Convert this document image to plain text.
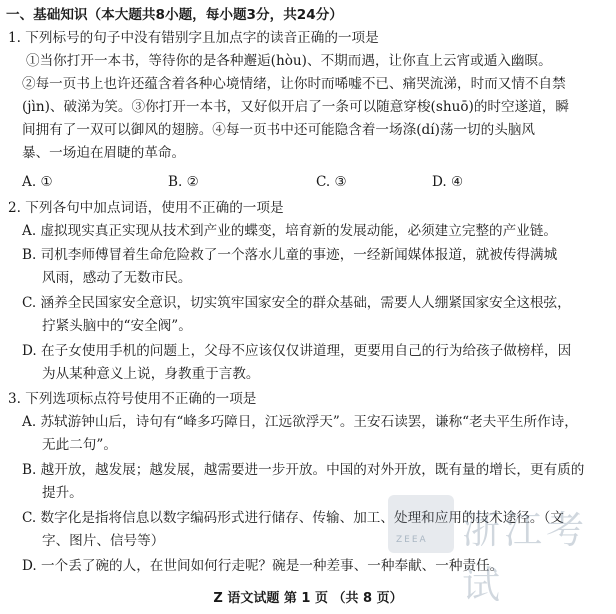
一、基础知识（本大题共8小题，每小题3分，共24分）
1. 下列标号的句子中没有错别字且加点字的读音正确的一项是
①当你打开一本书，等待你的是各种邂逅(hòu)、不期而遇，让你直上云宵或遁入幽暝。
②每一页书上也许还蕴含着各种心境情绪，让你时而唏嘘不已、痛哭流涕，时而又情不自禁
(jìn)、破涕为笑。③你打开一本书，又好似开启了一条可以随意穿梭(shuō)的时空遂道，瞬
间拥有了一双可以御风的翅膀。④每一页书中还可能隐含着一场涤(dí)荡一切的头脑风
暴、一场迫在眉睫的革命。
A. ①	B. ②	C. ③	D. ④
2. 下列各句中加点词语，使用不正确的一项是
A. 虚拟现实真正实现从技术到产业的蝶变，培育新的发展动能，必须建立完整的产业链。
B. 司机李师傅冒着生命危险救了一个落水儿童的事迹，一经新闻媒体报道，就被传得满城
风雨，感动了无数市民。
C. 涵养全民国家安全意识，切实筑牢国家安全的群众基础，需要人人绷紧国家安全这根弦，
拧紧头脑中的“安全阀”。
D. 在子女使用手机的问题上，父母不应该仅仅讲道理，更要用自己的行为给孩子做榜样，因
为从某种意义上说，身教重于言教。
3. 下列选项标点符号使用不正确的一项是
A. 苏轼游钟山后，诗句有“峰多巧障日，江远欲浮天”。王安石读罢，谦称“老夫平生所作诗，
无此二句”。
B. 越开放，越发展；越发展，越需要进一步开放。中国的对外开放，既有量的增长，更有质的
提升。
C. 数字化是指将信息以数字编码形式进行储存、传输、加工、处理和应用的技术途径。（文
字、图片、信号等）
D. 一个丢了碗的人，在世间如何行走呢？碗是一种差事、一种奉献、一种责任。
ZEEA 浙江考试
Z 语文试题 第 1 页 （共 8 页）
